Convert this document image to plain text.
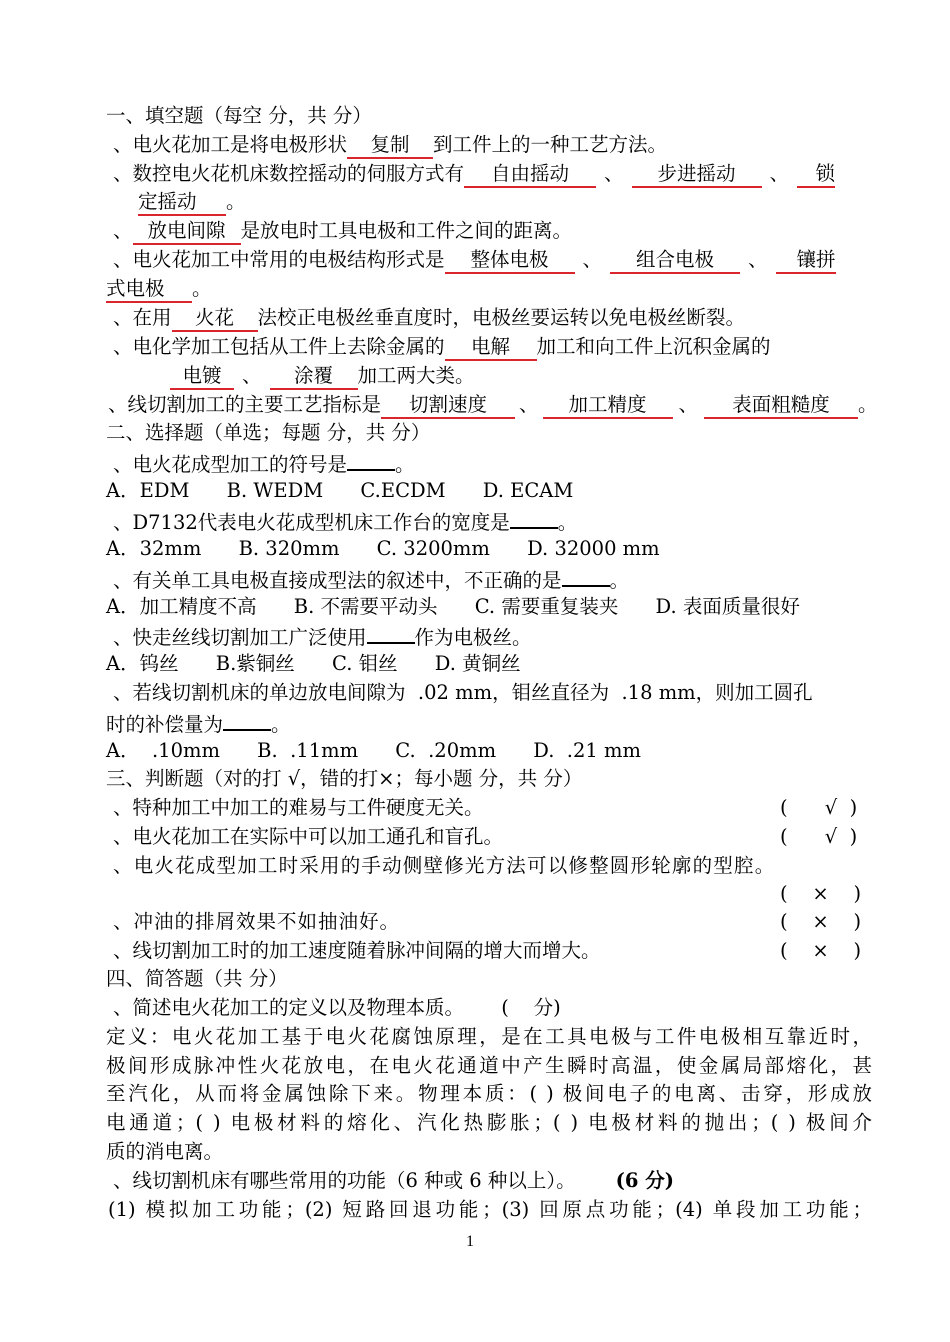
一、填空题（每空 分，共 分）
、电火花加工是将电极形状 复制 到工件上的一种工艺方法。
、数控电火花机床数控摇动的伺服方式有 自由摇动 、 步进摇动 、 锁
定摇动 。
、 放电间隙 是放电时工具电极和工件之间的距离。
、电火花加工中常用的电极结构形式是 整体电极 、 组合电极 、 镶拼
式电极 。
、在用 火花 法校正电极丝垂直度时，电极丝要运转以免电极丝断裂。
、电化学加工包括从工件上去除金属的 电解 加工和向工件上沉积金属的
电镀 、 涂覆 加工两大类。
、线切割加工的主要工艺指标是 切割速度 、 加工精度 、 表面粗糙度 。
二、选择题（单选；每题 分，共 分）
、电火花成型加工的符号是 。
A．EDM      B. WEDM      C.ECDM      D. ECAM
、D7132代表电火花成型机床工作台的宽度是 。
A．32mm      B. 320mm      C. 3200mm      D. 32000 mm
、有关单工具电极直接成型法的叙述中，不正确的是 。
A．加工精度不高      B. 不需要平动头      C. 需要重复装夹      D. 表面质量很好
、快走丝线切割加工广泛使用 作为电极丝。
A．钨丝      B.紫铜丝      C. 钼丝      D. 黄铜丝
、若线切割机床的单边放电间隙为  .02 mm，钼丝直径为  .18 mm，则加工圆孔
时的补偿量为 。
A．  .10mm      B.  .11mm      C.  .20mm      D.  .21 mm
三、判断题（对的打 √，错的打×；每小题 分，共 分）
、特种加工中加工的难易与工件硬度无关。	(      √  )
、电火花加工在实际中可以加工通孔和盲孔。	(      √  )
、电火花成型加工时采用的手动侧壁修光方法可以修整圆形轮廓的型腔。
(    ×    )
、冲油的排屑效果不如抽油好。	(    ×    )
、线切割加工时的加工速度随着脉冲间隔的增大而增大。	(    ×    )
四、简答题（共 分）
、简述电火花加工的定义以及物理本质。      (    分)
定义：电火花加工基于电火花腐蚀原理，是在工具电极与工件电极相互靠近时，
极间形成脉冲性火花放电，在电火花通道中产生瞬时高温，使金属局部熔化，甚
至汽化，从而将金属蚀除下来。物理本质：( ) 极间电子的电离、击穿，形成放
电通道；( ) 电极材料的熔化、汽化热膨胀；( ) 电极材料的抛出；( ) 极间介
质的消电离。
、线切割机床有哪些常用的功能（6 种或 6 种以上）。 (6 分)
(1) 模拟加工功能；(2) 短路回退功能；(3) 回原点功能；(4) 单段加工功能；
1
